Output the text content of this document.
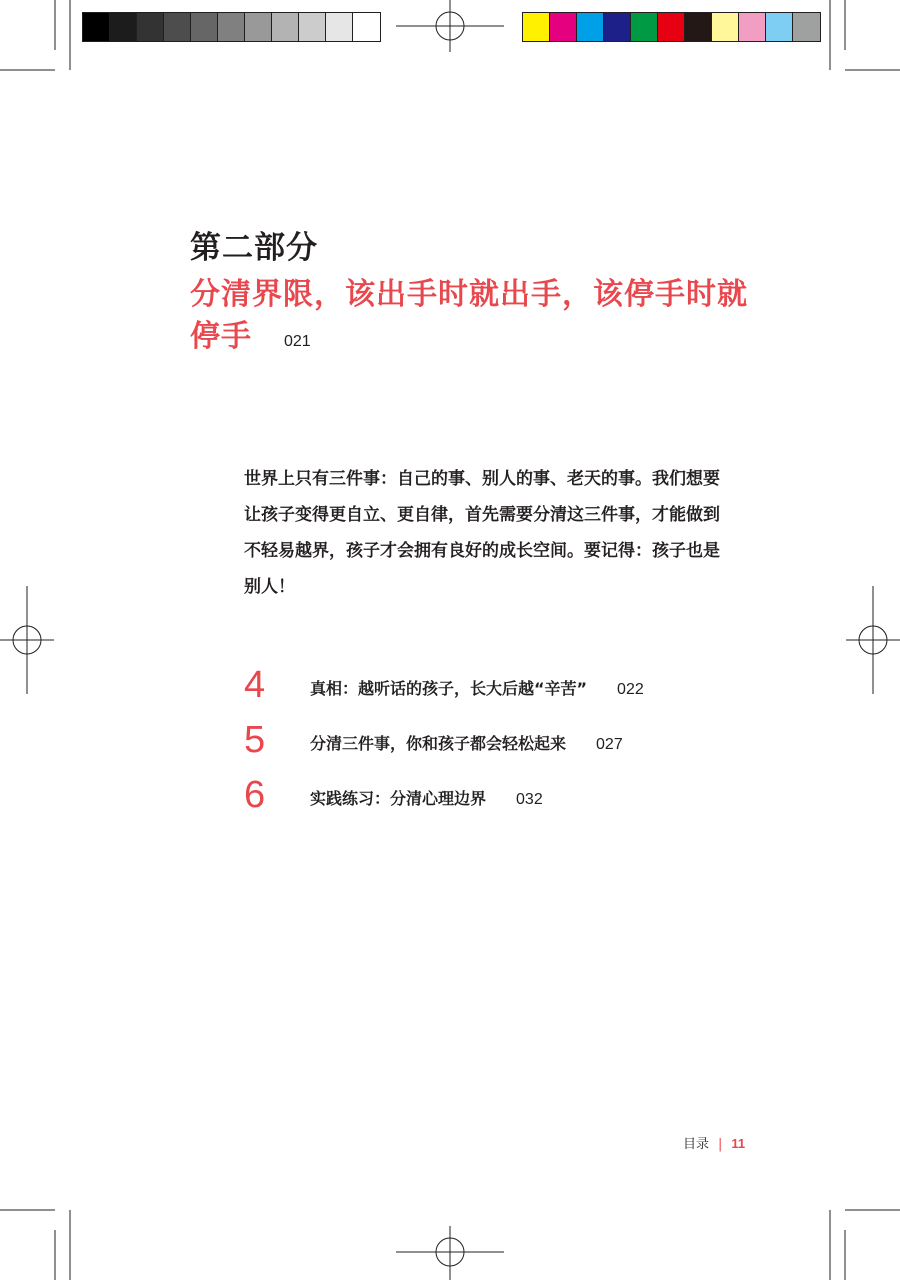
第二部分
分清界限，该出手时就出手，该停手时就停手 021
世界上只有三件事：自己的事、别人的事、老天的事。我们想要让孩子变得更自立、更自律，首先需要分清这三件事，才能做到不轻易越界，孩子才会拥有良好的成长空间。要记得：孩子也是别人！
4	真相：越听话的孩子，长大后越“辛苦” 022
5	分清三件事，你和孩子都会轻松起来 027
6	实践练习：分清心理边界 032
目录 | 11
